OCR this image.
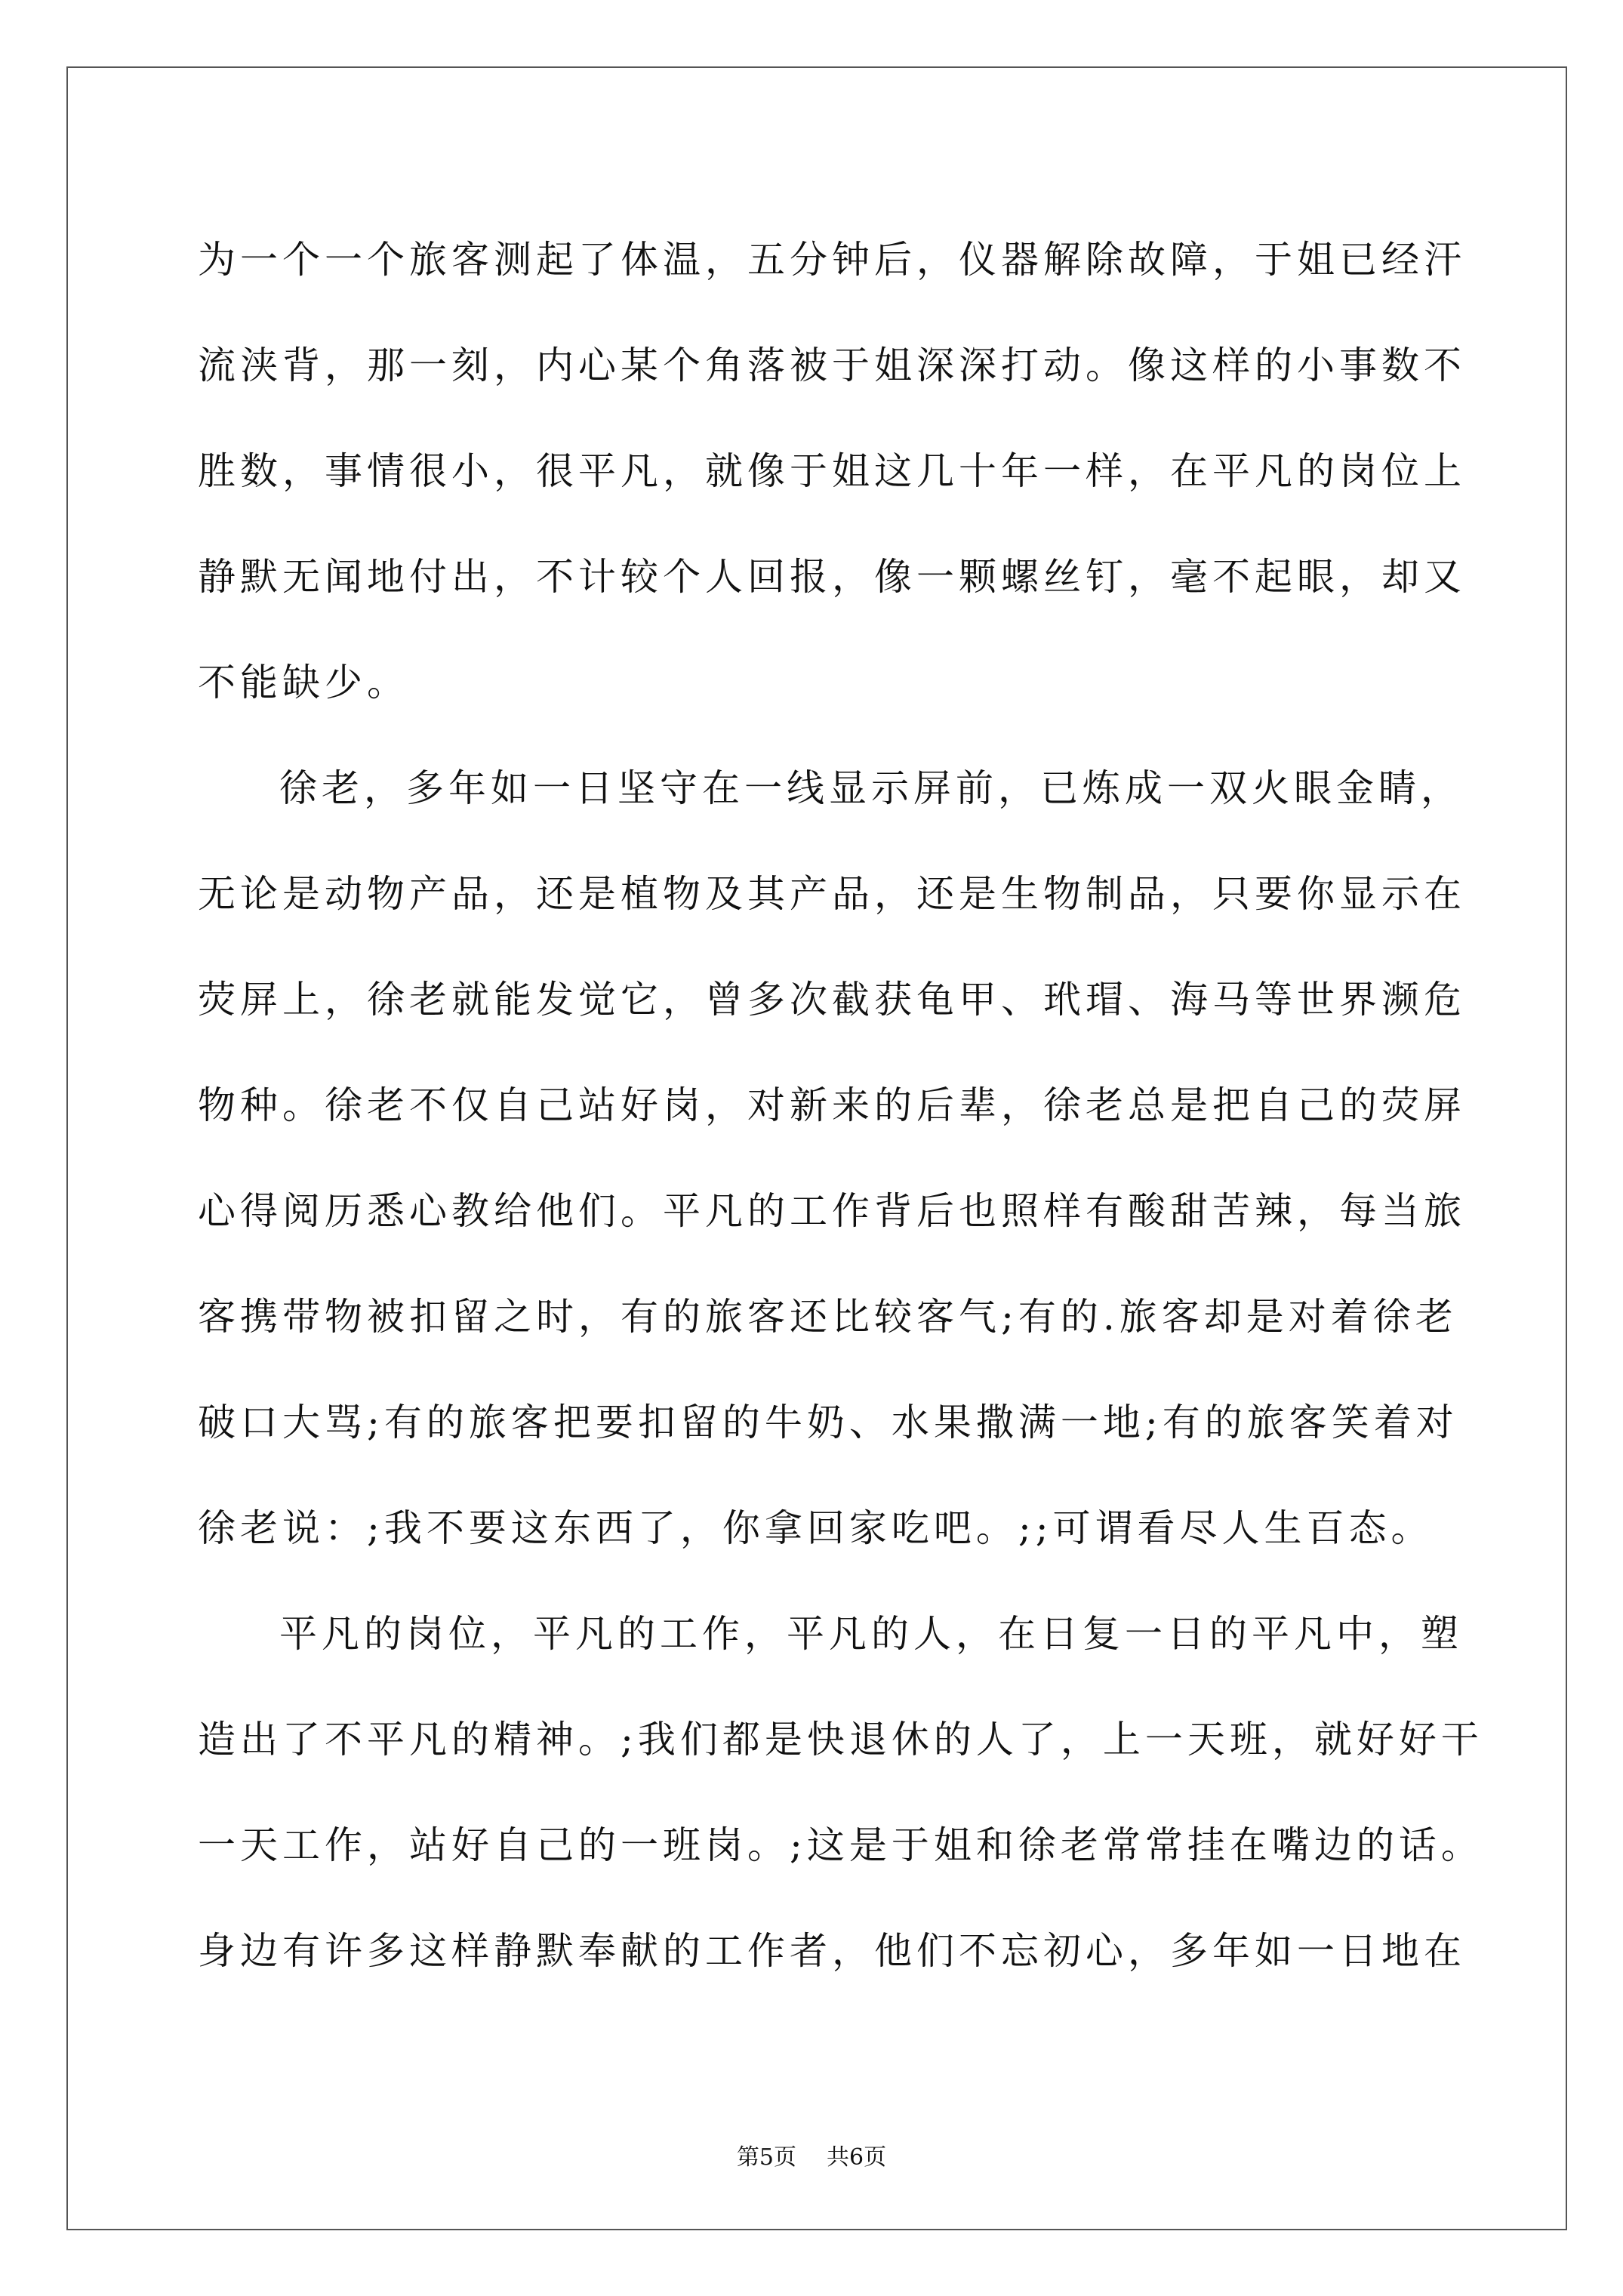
为一个一个旅客测起了体温，五分钟后，仪器解除故障，于姐已经汗
流浃背，那一刻，内心某个角落被于姐深深打动。像这样的小事数不
胜数，事情很小，很平凡，就像于姐这几十年一样，在平凡的岗位上
静默无闻地付出，不计较个人回报，像一颗螺丝钉，毫不起眼，却又
不能缺少。
徐老，多年如一日坚守在一线显示屏前，已炼成一双火眼金睛，
无论是动物产品，还是植物及其产品，还是生物制品，只要你显示在
荧屏上，徐老就能发觉它，曾多次截获龟甲、玳瑁、海马等世界濒危
物种。徐老不仅自己站好岗，对新来的后辈，徐老总是把自己的荧屏
心得阅历悉心教给他们。平凡的工作背后也照样有酸甜苦辣，每当旅
客携带物被扣留之时，有的旅客还比较客气;有的.旅客却是对着徐老
破口大骂;有的旅客把要扣留的牛奶、水果撒满一地;有的旅客笑着对
徐老说：;我不要这东西了，你拿回家吃吧。;;可谓看尽人生百态。
平凡的岗位，平凡的工作，平凡的人，在日复一日的平凡中，塑
造出了不平凡的精神。;我们都是快退休的人了，上一天班，就好好干
一天工作，站好自己的一班岗。;这是于姐和徐老常常挂在嘴边的话。
身边有许多这样静默奉献的工作者，他们不忘初心，多年如一日地在
第5页 共6页
